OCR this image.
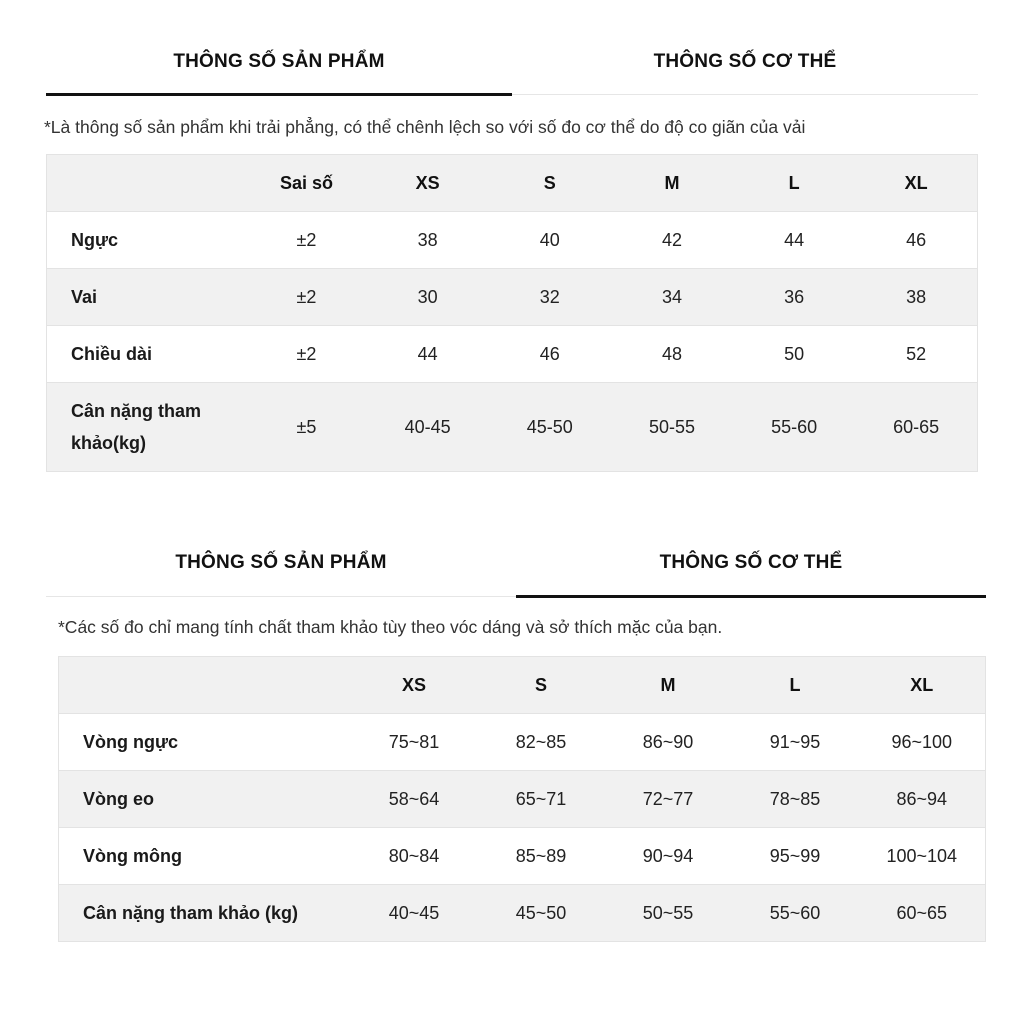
THÔNG SỐ SẢN PHẨM	THÔNG SỐ CƠ THỂ
*Là thông số sản phẩm khi trải phẳng, có thể chênh lệch so với số đo cơ thể do độ co giãn của vải
	Sai số	XS	S	M	L	XL
Ngực	±2	38	40	42	44	46
Vai	±2	30	32	34	36	38
Chiều dài	±2	44	46	48	50	52
Cân nặng tham khảo(kg)	±5	40-45	45-50	50-55	55-60	60-65
THÔNG SỐ SẢN PHẨM	THÔNG SỐ CƠ THỂ
*Các số đo chỉ mang tính chất tham khảo tùy theo vóc dáng và sở thích mặc của bạn.
	XS	S	M	L	XL
Vòng ngực	75~81	82~85	86~90	91~95	96~100
Vòng eo	58~64	65~71	72~77	78~85	86~94
Vòng mông	80~84	85~89	90~94	95~99	100~104
Cân nặng tham khảo (kg)	40~45	45~50	50~55	55~60	60~65
